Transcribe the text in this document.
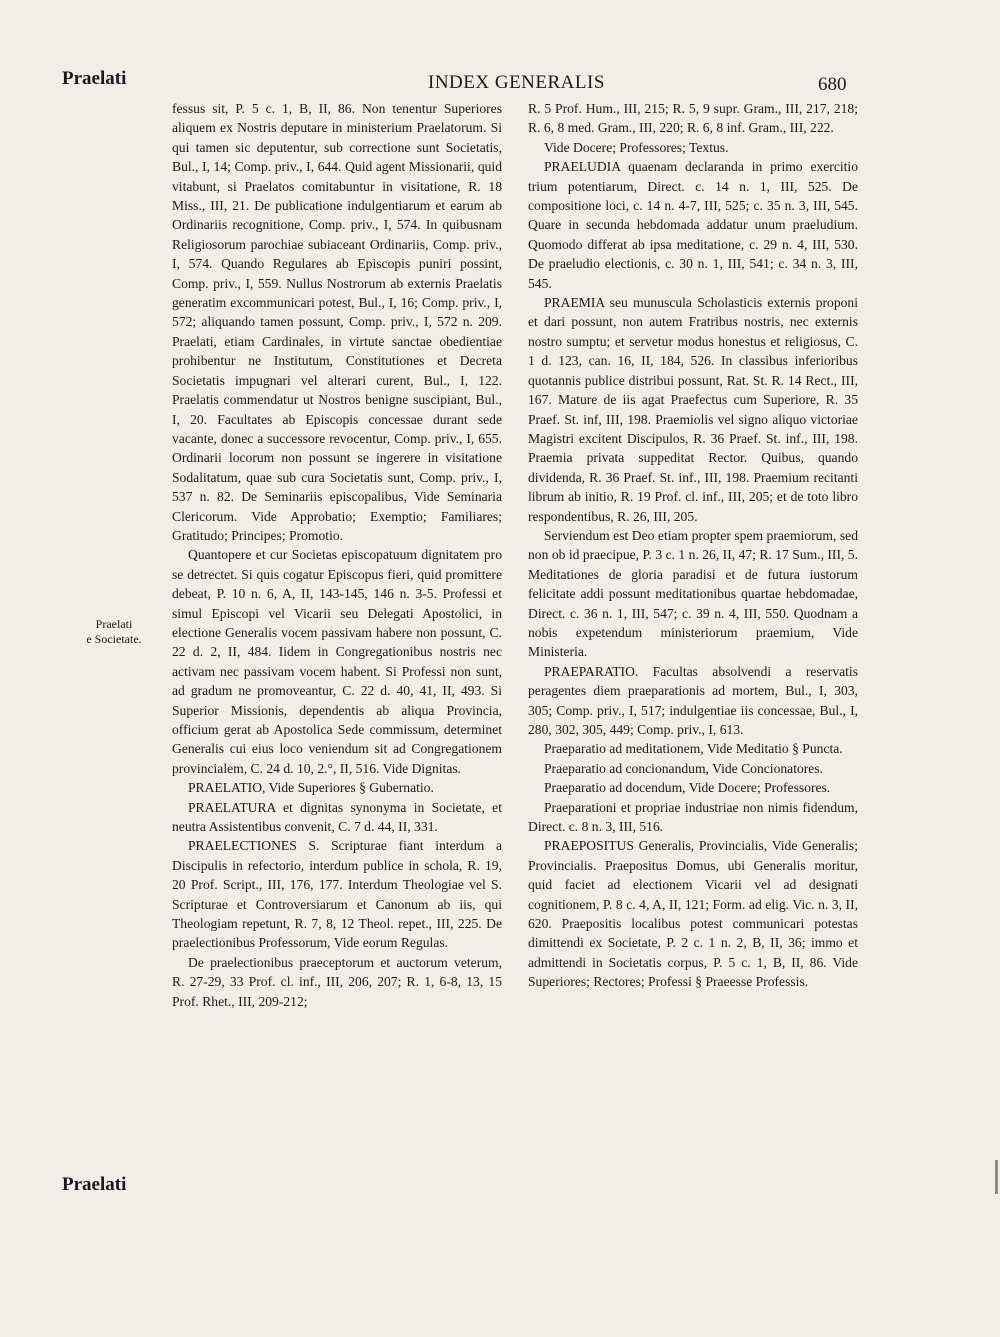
Praelati	INDEX GENERALIS	680
Praelati
e Societate.

fessus sit, P. 5 c. 1, B, II, 86. Non tenentur Superiores aliquem ex Nostris deputare in ministerium Praelatorum. Si qui tamen sic deputentur, sub correctione sunt Societatis, Bul., I, 14; Comp. priv., I, 644. Quid agent Missionarii, quid vitabunt, si Praelatos comitabuntur in visitatione, R. 18 Miss., III, 21. De publicatione indulgentiarum et earum ab Ordinariis recognitione, Comp. priv., I, 574. In quibusnam Religiosorum parochiae subiaceant Ordinariis, Comp. priv., I, 574. Quando Regulares ab Episcopis puniri possint, Comp. priv., I, 559. Nullus Nostrorum ab externis Praelatis generatim excommunicari potest, Bul., I, 16; Comp. priv., I, 572; aliquando tamen possunt, Comp. priv., I, 572 n. 209. Praelati, etiam Cardinales, in virtute sanctae obedientiae prohibentur ne Institutum, Constitutiones et Decreta Societatis impugnari vel alterari curent, Bul., I, 122. Praelatis commendatur ut Nostros benigne suscipiant, Bul., I, 20. Facultates ab Episcopis concessae durant sede vacante, donec a successore revocentur, Comp. priv., I, 655. Ordinarii locorum non possunt se ingerere in visitatione Sodalitatum, quae sub cura Societatis sunt, Comp. priv., I, 537 n. 82. De Seminariis episcopalibus, Vide Seminaria Clericorum. Vide Approbatio; Exemptio; Familiares; Gratitudo; Principes; Promotio.

Quantopere et cur Societas episcopatuum dignitatem pro se detrectet. Si quis cogatur Episcopus fieri, quid promittere debeat, P. 10 n. 6, A, II, 143-145, 146 n. 3-5. Professi et simul Episcopi vel Vicarii seu Delegati Apostolici, in electione Generalis vocem passivam habere non possunt, C. 22 d. 2, II, 484. Iidem in Congregationibus nostris nec activam nec passivam vocem habent. Si Professi non sunt, ad gradum ne promoveantur, C. 22 d. 40, 41, II, 493. Si Superior Missionis, dependentis ab aliqua Provincia, officium gerat ab Apostolica Sede commissum, determinet Generalis cui eius loco veniendum sit ad Congregationem provincialem, C. 24 d. 10, 2.°, II, 516. Vide Dignitas.

PRAELATIO, Vide Superiores § Gubernatio.

PRAELATURA et dignitas synonyma in Societate, et neutra Assistentibus convenit, C. 7 d. 44, II, 331.

PRAELECTIONES S. Scripturae fiant interdum a Discipulis in refectorio, interdum publice in schola, R. 19, 20 Prof. Script., III, 176, 177. Interdum Theologiae vel S. Scripturae et Controversiarum et Canonum ab iis, qui Theologiam repetunt, R. 7, 8, 12 Theol. repet., III, 225. De praelectionibus Professorum, Vide eorum Regulas.

De praelectionibus praeceptorum et auctorum veterum, R. 27-29, 33 Prof. cl. inf., III, 206, 207; R. 1, 6-8, 13, 15 Prof. Rhet., III, 209-212;

R. 5 Prof. Hum., III, 215; R. 5, 9 supr. Gram., III, 217, 218; R. 6, 8 med. Gram., III, 220; R. 6, 8 inf. Gram., III, 222.

Vide Docere; Professores; Textus.

PRAELUDIA quaenam declaranda in primo exercitio trium potentiarum, Direct. c. 14 n. 1, III, 525. De compositione loci, c. 14 n. 4-7, III, 525; c. 35 n. 3, III, 545. Quare in secunda hebdomada addatur unum praeludium. Quomodo differat ab ipsa meditatione, c. 29 n. 4, III, 530. De praeludio electionis, c. 30 n. 1, III, 541; c. 34 n. 3, III, 545.

PRAEMIA seu munuscula Scholasticis externis proponi et dari possunt, non autem Fratribus nostris, nec externis nostro sumptu; et servetur modus honestus et religiosus, C. 1 d. 123, can. 16, II, 184, 526. In classibus inferioribus quotannis publice distribui possunt, Rat. St. R. 14 Rect., III, 167. Mature de iis agat Praefectus cum Superiore, R. 35 Praef. St. inf, III, 198. Praemiolis vel signo aliquo victoriae Magistri excitent Discipulos, R. 36 Praef. St. inf., III, 198. Praemia privata suppeditat Rector. Quibus, quando dividenda, R. 36 Praef. St. inf., III, 198. Praemium recitanti librum ab initio, R. 19 Prof. cl. inf., III, 205; et de toto libro respondentibus, R. 26, III, 205.

Serviendum est Deo etiam propter spem praemiorum, sed non ob id praecipue, P. 3 c. 1 n. 26, II, 47; R. 17 Sum., III, 5. Meditationes de gloria paradisi et de futura iustorum felicitate addi possunt meditationibus quartae hebdomadae, Direct. c. 36 n. 1, III, 547; c. 39 n. 4, III, 550. Quodnam a nobis expetendum ministeriorum praemium, Vide Ministeria.

PRAEPARATIO. Facultas absolvendi a reservatis peragentes diem praeparationis ad mortem, Bul., I, 303, 305; Comp. priv., I, 517; indulgentiae iis concessae, Bul., I, 280, 302, 305, 449; Comp. priv., I, 613.

Praeparatio ad meditationem, Vide Meditatio § Puncta.

Praeparatio ad concionandum, Vide Concionatores.

Praeparatio ad docendum, Vide Docere; Professores.

Praeparationi et propriae industriae non nimis fidendum, Direct. c. 8 n. 3, III, 516.

PRAEPOSITUS Generalis, Provincialis, Vide Generalis; Provincialis. Praepositus Domus, ubi Generalis moritur, quid faciet ad electionem Vicarii vel ad designati cognitionem, P. 8 c. 4, A, II, 121; Form. ad elig. Vic. n. 3, II, 620. Praepositis localibus potest communicari potestas dimittendi ex Societate, P. 2 c. 1 n. 2, B, II, 36; immo et admittendi in Societatis corpus, P. 5 c. 1, B, II, 86. Vide Superiores; Rectores; Professi § Praeesse Professis.

Praelati
